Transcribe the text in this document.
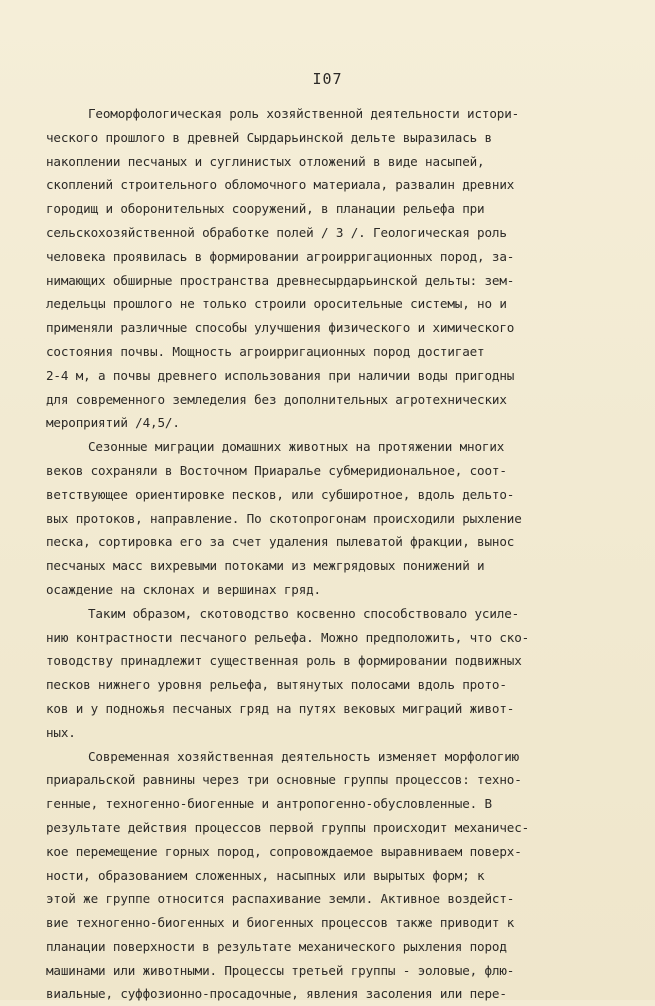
I07
Геоморфологическая роль хозяйственной деятельности истори-
ческого прошлого в древней Сырдарьинской дельте выразилась в
накоплении песчаных и суглинистых отложений в виде насыпей,
скоплений строительного обломочного материала, развалин древних
городищ и оборонительных сооружений, в планации рельефа при
сельскохозяйственной обработке полей / 3 /. Геологическая роль
человека проявилась в формировании агроирригационных пород, за-
нимающих обширные пространства древнесырдарьинской дельты: зем-
ледельцы прошлого не только строили оросительные системы, но и
применяли различные способы улучшения физического и химического
состояния почвы. Мощность агроирригационных пород достигает
2-4 м, а почвы древнего использования при наличии воды пригодны
для современного земледелия без дополнительных агротехнических
мероприятий /4,5/.
Сезонные миграции домашних животных на протяжении многих
веков сохраняли в Восточном Приаралье субмеридиональное, соот-
ветствующее ориентировке песков, или субширотное, вдоль дельто-
вых протоков, направление. По скотопрогонам происходили рыхление
песка, сортировка его за счет удаления пылеватой фракции, вынос
песчаных масс вихревыми потоками из межгрядовых понижений и
осаждение на склонах и вершинах гряд.
Таким образом, скотоводство косвенно способствовало усиле-
нию контрастности песчаного рельефа. Можно предположить, что ско-
товодству принадлежит существенная роль в формировании подвижных
песков нижнего уровня рельефа, вытянутых полосами вдоль прото-
ков и у подножья песчаных гряд на путях вековых миграций живот-
ных.
Современная хозяйственная деятельность изменяет морфологию
приаральской равнины через три основные группы процессов: техно-
генные, техногенно-биогенные и антропогенно-обусловленные. В
результате действия процессов первой группы происходит механичес-
кое перемещение горных пород, сопровождаемое выравниваем поверх-
ности, образованием сложенных, насыпных или вырытых форм; к
этой же группе относится распахивание земли. Активное воздейст-
вие техногенно-биогенных и биогенных процессов также приводит к
планации поверхности в результате механического рыхления пород
машинами или животными. Процессы третьей группы - эоловые, флю-
виальные, суффозионно-просадочные, явления засоления или пере-
